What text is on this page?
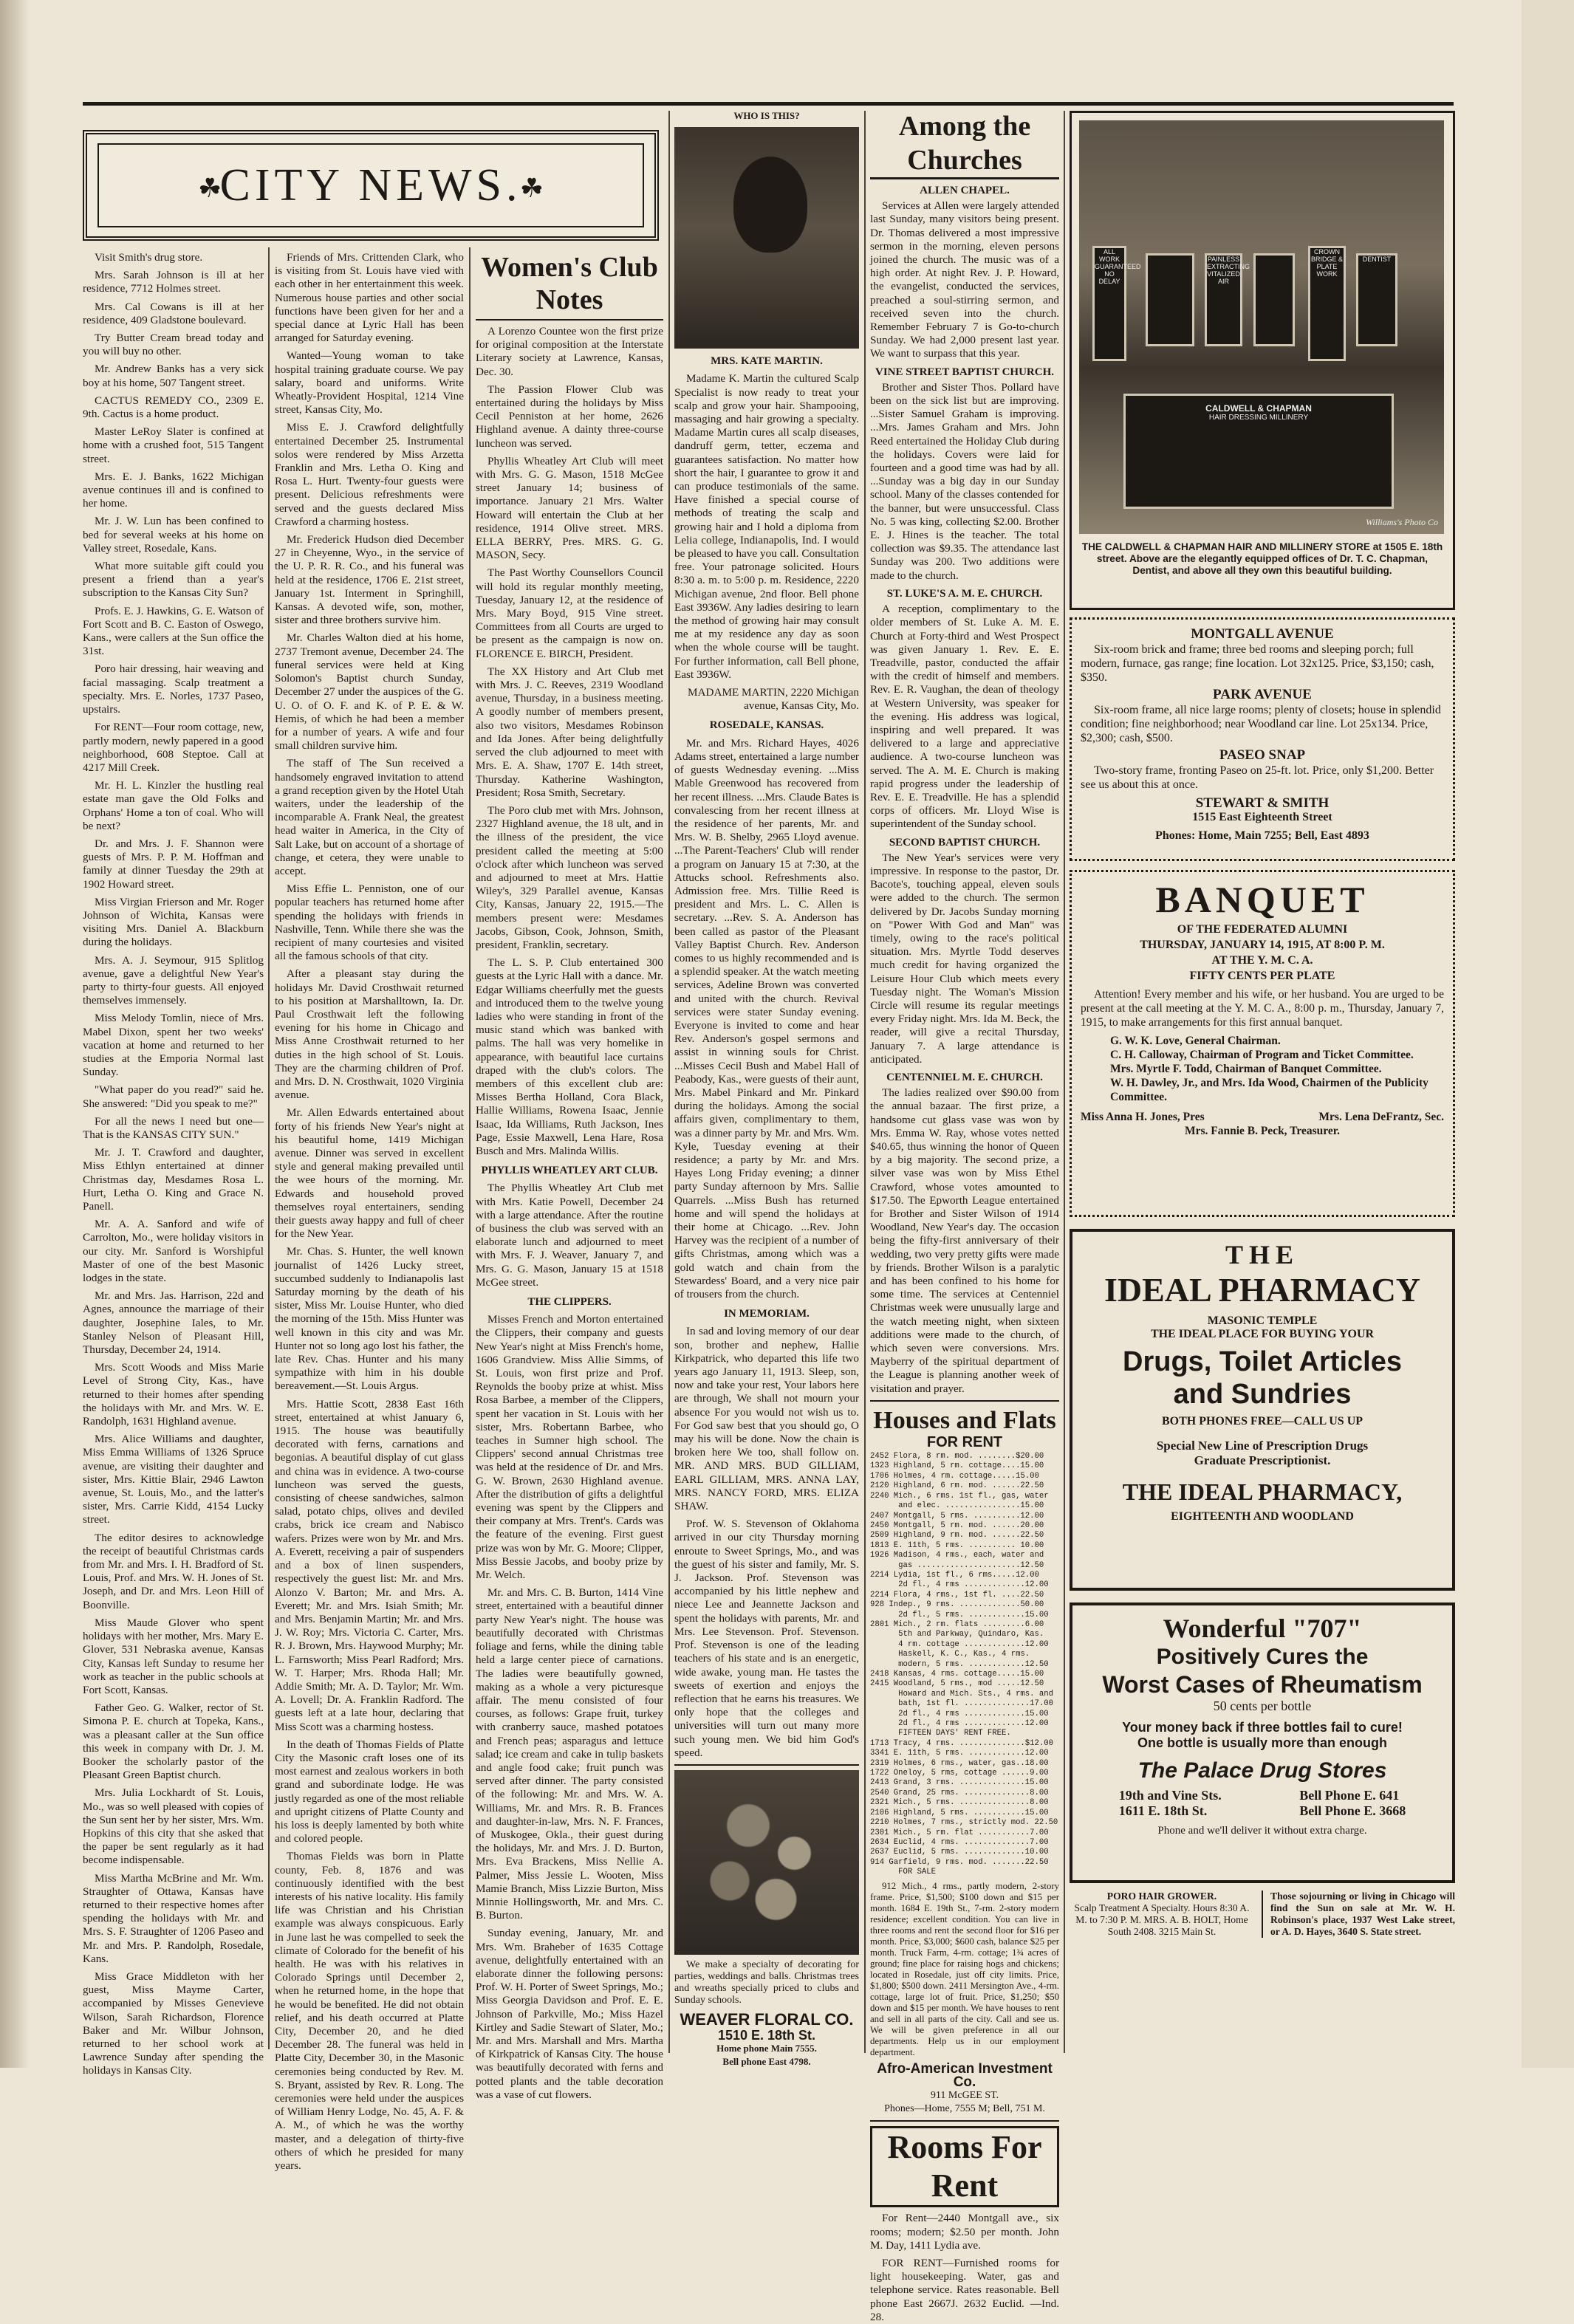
☘
CITY NEWS.
☘

Visit Smith's drug store.

Mrs. Sarah Johnson is ill at her residence, 7712 Holmes street.

Mrs. Cal Cowans is ill at her residence, 409 Gladstone boulevard.

Try Butter Cream bread today and you will buy no other.

Mr. Andrew Banks has a very sick boy at his home, 507 Tangent street.

CACTUS REMEDY CO., 2309 E. 9th. Cactus is a home product.

Master LeRoy Slater is confined at home with a crushed foot, 515 Tangent street.

Mrs. E. J. Banks, 1622 Michigan avenue continues ill and is confined to her home.

Mr. J. W. Lun has been confined to bed for several weeks at his home on Valley street, Rosedale, Kans.

What more suitable gift could you present a friend than a year's subscription to the Kansas City Sun?

Profs. E. J. Hawkins, G. E. Watson of Fort Scott and B. C. Easton of Oswego, Kans., were callers at the Sun office the 31st.

Poro hair dressing, hair weaving and facial massaging. Scalp treatment a specialty. Mrs. E. Norles, 1737 Paseo, upstairs.

For RENT—Four room cottage, new, partly modern, newly papered in a good neighborhood, 608 Steptoe. Call at 4217 Mill Creek.

Mr. H. L. Kinzler the hustling real estate man gave the Old Folks and Orphans' Home a ton of coal. Who will be next?

Dr. and Mrs. J. F. Shannon were guests of Mrs. P. P. M. Hoffman and family at dinner Tuesday the 29th at 1902 Howard street.

Miss Virgian Frierson and Mr. Roger Johnson of Wichita, Kansas were visiting Mrs. Daniel A. Blackburn during the holidays.

Mrs. A. J. Seymour, 915 Splitlog avenue, gave a delightful New Year's party to thirty-four guests. All enjoyed themselves immensely.

Miss Melody Tomlin, niece of Mrs. Mabel Dixon, spent her two weeks' vacation at home and returned to her studies at the Emporia Normal last Sunday.

"What paper do you read?" said he. She answered: "Did you speak to me?"

For all the news I need but one— That is the KANSAS CITY SUN."

Mr. J. T. Crawford and daughter, Miss Ethlyn entertained at dinner Christmas day, Mesdames Rosa L. Hurt, Letha O. King and Grace N. Panell.

Mr. A. A. Sanford and wife of Carrolton, Mo., were holiday visitors in our city. Mr. Sanford is Worshipful Master of one of the best Masonic lodges in the state.

Mr. and Mrs. Jas. Harrison, 22d and Agnes, announce the marriage of their daughter, Josephine Iales, to Mr. Stanley Nelson of Pleasant Hill, Thursday, December 24, 1914.

Mrs. Scott Woods and Miss Marie Level of Strong City, Kas., have returned to their homes after spending the holidays with Mr. and Mrs. W. E. Randolph, 1631 Highland avenue.

Mrs. Alice Williams and daughter, Miss Emma Williams of 1326 Spruce avenue, are visiting their daughter and sister, Mrs. Kittie Blair, 2946 Lawton avenue, St. Louis, Mo., and the latter's sister, Mrs. Carrie Kidd, 4154 Lucky street.

The editor desires to acknowledge the receipt of beautiful Christmas cards from Mr. and Mrs. I. H. Bradford of St. Louis, Prof. and Mrs. W. H. Jones of St. Joseph, and Dr. and Mrs. Leon Hill of Boonville.

Miss Maude Glover who spent holidays with her mother, Mrs. Mary E. Glover, 531 Nebraska avenue, Kansas City, Kansas left Sunday to resume her work as teacher in the public schools at Fort Scott, Kansas.

Father Geo. G. Walker, rector of St. Simona P. E. church at Topeka, Kans., was a pleasant caller at the Sun office this week in company with Dr. J. M. Booker the scholarly pastor of the Pleasant Green Baptist church.

Mrs. Julia Lockhardt of St. Louis, Mo., was so well pleased with copies of the Sun sent her by her sister, Mrs. Wm. Hopkins of this city that she asked that the paper be sent regularly as it had become indispensable.

Miss Martha McBrine and Mr. Wm. Straughter of Ottawa, Kansas have returned to their respective homes after spending the holidays with Mr. and Mrs. S. F. Straughter of 1206 Paseo and Mr. and Mrs. P. Randolph, Rosedale, Kans.

Miss Grace Middleton with her guest, Miss Mayme Carter, accompanied by Misses Genevieve Wilson, Sarah Richardson, Florence Baker and Mr. Wilbur Johnson, returned to her school work at Lawrence Sunday after spending the holidays in Kansas City.

Friends of Mrs. Crittenden Clark, who is visiting from St. Louis have vied with each other in her entertainment this week. Numerous house parties and other social functions have been given for her and a special dance at Lyric Hall has been arranged for Saturday evening.

Wanted—Young woman to take hospital training graduate course. We pay salary, board and uniforms. Write Wheatly-Provident Hospital, 1214 Vine street, Kansas City, Mo.

Miss E. J. Crawford delightfully entertained December 25. Instrumental solos were rendered by Miss Arzetta Franklin and Mrs. Letha O. King and Rosa L. Hurt. Twenty-four guests were present. Delicious refreshments were served and the guests declared Miss Crawford a charming hostess.

Mr. Frederick Hudson died December 27 in Cheyenne, Wyo., in the service of the U. P. R. R. Co., and his funeral was held at the residence, 1706 E. 21st street, January 1st. Interment in Springhill, Kansas. A devoted wife, son, mother, sister and three brothers survive him.

Mr. Charles Walton died at his home, 2737 Tremont avenue, December 24. The funeral services were held at King Solomon's Baptist church Sunday, December 27 under the auspices of the G. U. O. of O. F. and K. of P. E. & W. Hemis, of which he had been a member for a number of years. A wife and four small children survive him.

The staff of The Sun received a handsomely engraved invitation to attend a grand reception given by the Hotel Utah waiters, under the leadership of the incomparable A. Frank Neal, the greatest head waiter in America, in the City of Salt Lake, but on account of a shortage of change, et cetera, they were unable to accept.

Miss Effie L. Penniston, one of our popular teachers has returned home after spending the holidays with friends in Nashville, Tenn. While there she was the recipient of many courtesies and visited all the famous schools of that city.

After a pleasant stay during the holidays Mr. David Crosthwait returned to his position at Marshalltown, Ia. Dr. Paul Crosthwait left the following evening for his home in Chicago and Miss Anne Crosthwait returned to her duties in the high school of St. Louis. They are the charming children of Prof. and Mrs. D. N. Crosthwait, 1020 Virginia avenue.

Mr. Allen Edwards entertained about forty of his friends New Year's night at his beautiful home, 1419 Michigan avenue. Dinner was served in excellent style and general making prevailed until the wee hours of the morning. Mr. Edwards and household proved themselves royal entertainers, sending their guests away happy and full of cheer for the New Year.

Mr. Chas. S. Hunter, the well known journalist of 1426 Lucky street, succumbed suddenly to Indianapolis last Saturday morning by the death of his sister, Miss Mr. Louise Hunter, who died the morning of the 15th. Miss Hunter was well known in this city and was Mr. Hunter not so long ago lost his father, the late Rev. Chas. Hunter and his many sympathize with him in his double bereavement.—St. Louis Argus.

Mrs. Hattie Scott, 2838 East 16th street, entertained at whist January 6, 1915. The house was beautifully decorated with ferns, carnations and begonias. A beautiful display of cut glass and china was in evidence. A two-course luncheon was served the guests, consisting of cheese sandwiches, salmon salad, potato chips, olives and deviled crabs, brick ice cream and Nabisco wafers. Prizes were won by Mr. and Mrs. A. Everett, receiving a pair of suspenders and a box of linen suspenders, respectively the guest list: Mr. and Mrs. Alonzo V. Barton; Mr. and Mrs. A. Everett; Mr. and Mrs. Isiah Smith; Mr. and Mrs. Benjamin Martin; Mr. and Mrs. J. W. Roy; Mrs. Victoria C. Carter, Mrs. R. J. Brown, Mrs. Haywood Murphy; Mr. L. Farnsworth; Miss Pearl Radford; Mrs. W. T. Harper; Mrs. Rhoda Hall; Mr. Addie Smith; Mr. A. D. Taylor; Mr. Wm. A. Lovell; Dr. A. Franklin Radford. The guests left at a late hour, declaring that Miss Scott was a charming hostess.

In the death of Thomas Fields of Platte City the Masonic craft loses one of its most earnest and zealous workers in both grand and subordinate lodge. He was justly regarded as one of the most reliable and upright citizens of Platte County and his loss is deeply lamented by both white and colored people.

Thomas Fields was born in Platte county, Feb. 8, 1876 and was continuously identified with the best interests of his native locality. His family life was Christian and his Christian example was always conspicuous. Early in June last he was compelled to seek the climate of Colorado for the benefit of his health. He was with his relatives in Colorado Springs until December 2, when he returned home, in the hope that he would be benefited. He did not obtain relief, and his death occurred at Platte City, December 20, and he died December 28. The funeral was held in Platte City, December 30, in the Masonic ceremonies being conducted by Rev. M. S. Bryant, assisted by Rev. R. Long. The ceremonies were held under the auspices of William Henry Lodge, No. 45, A. F. & A. M., of which he was the worthy master, and a delegation of thirty-five others of which he presided for many years.

Women's Club Notes

A Lorenzo Countee won the first prize for original composition at the Interstate Literary society at Lawrence, Kansas, Dec. 30.

The Passion Flower Club was entertained during the holidays by Miss Cecil Penniston at her home, 2626 Highland avenue. A dainty three-course luncheon was served.

Phyllis Wheatley Art Club will meet with Mrs. G. G. Mason, 1518 McGee street January 14; business of importance. January 21 Mrs. Walter Howard will entertain the Club at her residence, 1914 Olive street. MRS. ELLA BERRY, Pres. MRS. G. G. MASON, Secy.

The Past Worthy Counsellors Council will hold its regular monthly meeting, Tuesday, January 12, at the residence of Mrs. Mary Boyd, 915 Vine street. Committees from all Courts are urged to be present as the campaign is now on. FLORENCE E. BIRCH, President.

The XX History and Art Club met with Mrs. J. C. Reeves, 2319 Woodland avenue, Thursday, in a business meeting. A goodly number of members present, also two visitors, Mesdames Robinson and Ida Jones. After being delightfully served the club adjourned to meet with Mrs. E. A. Shaw, 1707 E. 14th street, Thursday. Katherine Washington, President; Rosa Smith, Secretary.

The Poro club met with Mrs. Johnson, 2327 Highland avenue, the 18 ult, and in the illness of the president, the vice president called the meeting at 5:00 o'clock after which luncheon was served and adjourned to meet at Mrs. Hattie Wiley's, 329 Parallel avenue, Kansas City, Kansas, January 22, 1915.—The members present were: Mesdames Jacobs, Gibson, Cook, Johnson, Smith, president, Franklin, secretary.

The L. S. P. Club entertained 300 guests at the Lyric Hall with a dance. Mr. Edgar Williams cheerfully met the guests and introduced them to the twelve young ladies who were standing in front of the music stand which was banked with palms. The hall was very homelike in appearance, with beautiful lace curtains draped with the club's colors. The members of this excellent club are: Misses Bertha Holland, Cora Black, Hallie Williams, Rowena Isaac, Jennie Isaac, Ida Williams, Ruth Jackson, Ines Page, Essie Maxwell, Lena Hare, Rosa Busch and Mrs. Malinda Willis.

PHYLLIS WHEATLEY ART CLUB.

The Phyllis Wheatley Art Club met with Mrs. Katie Powell, December 24 with a large attendance. After the routine of business the club was served with an elaborate lunch and adjourned to meet with Mrs. F. J. Weaver, January 7, and Mrs. G. G. Mason, January 15 at 1518 McGee street.

THE CLIPPERS.

Misses French and Morton entertained the Clippers, their company and guests New Year's night at Miss French's home, 1606 Grandview. Miss Allie Simms, of St. Louis, won first prize and Prof. Reynolds the booby prize at whist. Miss Rosa Barbee, a member of the Clippers, spent her vacation in St. Louis with her sister, Mrs. Robertann Barbee, who teaches in Sumner high school. The Clippers' second annual Christmas tree was held at the residence of Dr. and Mrs. G. W. Brown, 2630 Highland avenue. After the distribution of gifts a delightful evening was spent by the Clippers and their company at Mrs. Trent's. Cards was the feature of the evening. First guest prize was won by Mr. G. Moore; Clipper, Miss Bessie Jacobs, and booby prize by Mr. Welch.

Mr. and Mrs. C. B. Burton, 1414 Vine street, entertained with a beautiful dinner party New Year's night. The house was beautifully decorated with Christmas foliage and ferns, while the dining table held a large center piece of carnations. The ladies were beautifully gowned, making as a whole a very picturesque affair. The menu consisted of four courses, as follows: Grape fruit, turkey with cranberry sauce, mashed potatoes and French peas; asparagus and lettuce salad; ice cream and cake in tulip baskets and angle food cake; fruit punch was served after dinner. The party consisted of the following: Mr. and Mrs. W. A. Williams, Mr. and Mrs. R. B. Frances and daughter-in-law, Mrs. N. F. Frances, of Muskogee, Okla., their guest during the holidays, Mr. and Mrs. J. D. Burton, Mrs. Eva Brackens, Miss Nellie A. Palmer, Miss Jessie L. Wooten, Miss Mamie Branch, Miss Lizzie Burton, Miss Minnie Hollingsworth, Mr. and Mrs. C. B. Burton.

Sunday evening, January, Mr. and Mrs. Wm. Braheber of 1635 Cottage avenue, delightfully entertained with an elaborate dinner the following persons: Prof. W. H. Porter of Sweet Springs, Mo.; Miss Georgia Davidson and Prof. E. E. Johnson of Parkville, Mo.; Miss Hazel Kirtley and Sadie Stewart of Slater, Mo.; Mr. and Mrs. Marshall and Mrs. Martha of Kirkpatrick of Kansas City. The house was beautifully decorated with ferns and potted plants and the table decoration was a vase of cut flowers.

WHO IS THIS?
MRS. KATE MARTIN.

Madame K. Martin the cultured Scalp Specialist is now ready to treat your scalp and grow your hair. Shampooing, massaging and hair growing a specialty. Madame Martin cures all scalp diseases, dandruff germ, tetter, eczema and guarantees satisfaction. No matter how short the hair, I guarantee to grow it and can produce testimonials of the same. Have finished a special course of methods of treating the scalp and growing hair and I hold a diploma from Lelia college, Indianapolis, Ind. I would be pleased to have you call. Consultation free. Your patronage solicited. Hours 8:30 a. m. to 5:00 p. m. Residence, 2220 Michigan avenue, 2nd floor. Bell phone East 3936W. Any ladies desiring to learn the method of growing hair may consult me at my residence any day as soon when the whole course will be taught. For further information, call Bell phone, East 3936W.

MADAME MARTIN, 2220 Michigan avenue, Kansas City, Mo.

ROSEDALE, KANSAS.

Mr. and Mrs. Richard Hayes, 4026 Adams street, entertained a large number of guests Wednesday evening. ...Miss Mable Greenwood has recovered from her recent illness. ...Mrs. Claude Bates is convalescing from her recent illness at the residence of her parents, Mr. and Mrs. W. B. Shelby, 2965 Lloyd avenue. ...The Parent-Teachers' Club will render a program on January 15 at 7:30, at the Attucks school. Refreshments also. Admission free. Mrs. Tillie Reed is president and Mrs. L. C. Allen is secretary. ...Rev. S. A. Anderson has been called as pastor of the Pleasant Valley Baptist Church. Rev. Anderson comes to us highly recommended and is a splendid speaker. At the watch meeting services, Adeline Brown was converted and united with the church. Revival services were stater Sunday evening. Everyone is invited to come and hear Rev. Anderson's gospel sermons and assist in winning souls for Christ. ...Misses Cecil Bush and Mabel Hall of Peabody, Kas., were guests of their aunt, Mrs. Mabel Pinkard and Mr. Pinkard during the holidays. Among the social affairs given, complimentary to them, was a dinner party by Mr. and Mrs. Wm. Kyle, Tuesday evening at their residence; a party by Mr. and Mrs. Hayes Long Friday evening; a dinner party Sunday afternoon by Mrs. Sallie Quarrels. ...Miss Bush has returned home and will spend the holidays at their home at Chicago. ...Rev. John Harvey was the recipient of a number of gifts Christmas, among which was a gold watch and chain from the Stewardess' Board, and a very nice pair of trousers from the church.

IN MEMORIAM.

In sad and loving memory of our dear son, brother and nephew, Hallie Kirkpatrick, who departed this life two years ago January 11, 1913. Sleep, son, now and take your rest, Your labors here are through, We shall not mourn your absence For you would not wish us to. For God saw best that you should go, O may his will be done. Now the chain is broken here We too, shall follow on. MR. AND MRS. BUD GILLIAM, EARL GILLIAM, MRS. ANNA LAY, MRS. NANCY FORD, MRS. ELIZA SHAW.

Prof. W. S. Stevenson of Oklahoma arrived in our city Thursday morning enroute to Sweet Springs, Mo., and was the guest of his sister and family, Mr. S. J. Jackson. Prof. Stevenson was accompanied by his little nephew and niece Lee and Jeannette Jackson and spent the holidays with parents, Mr. and Mrs. Lee Stevenson. Prof. Stevenson. Prof. Stevenson is one of the leading teachers of his state and is an energetic, wide awake, young man. He tastes the sweets of exertion and enjoys the reflection that he earns his treasures. We only hope that the colleges and universities will turn out many more such young men. We bid him God's speed.

We make a specialty of decorating for parties, weddings and balls. Christmas trees and wreaths specially priced to clubs and Sunday schools.

WEAVER FLORAL CO.
1510 E. 18th St.
Home phone Main 7555.
Bell phone East 4798.
Among the Churches
ALLEN CHAPEL.

Services at Allen were largely attended last Sunday, many visitors being present. Dr. Thomas delivered a most impressive sermon in the morning, eleven persons joined the church. The music was of a high order. At night Rev. J. P. Howard, the evangelist, conducted the services, preached a soul-stirring sermon, and received seven into the church. Remember February 7 is Go-to-church Sunday. We had 2,000 present last year. We want to surpass that this year.

VINE STREET BAPTIST CHURCH.

Brother and Sister Thos. Pollard have been on the sick list but are improving. ...Sister Samuel Graham is improving. ...Mrs. James Graham and Mrs. John Reed entertained the Holiday Club during the holidays. Covers were laid for fourteen and a good time was had by all. ...Sunday was a big day in our Sunday school. Many of the classes contended for the banner, but were unsuccessful. Class No. 5 was king, collecting $2.00. Brother E. J. Hines is the teacher. The total collection was $9.35. The attendance last Sunday was 200. Two additions were made to the church.

ST. LUKE'S A. M. E. CHURCH.

A reception, complimentary to the older members of St. Luke A. M. E. Church at Forty-third and West Prospect was given January 1. Rev. E. E. Treadville, pastor, conducted the affair with the credit of himself and members. Rev. E. R. Vaughan, the dean of theology at Western University, was speaker for the evening. His address was logical, inspiring and well prepared. It was delivered to a large and appreciative audience. A two-course luncheon was served. The A. M. E. Church is making rapid progress under the leadership of Rev. E. E. Treadville. He has a splendid corps of officers. Mr. Lloyd Wise is superintendent of the Sunday school.

SECOND BAPTIST CHURCH.

The New Year's services were very impressive. In response to the pastor, Dr. Bacote's, touching appeal, eleven souls were added to the church. The sermon delivered by Dr. Jacobs Sunday morning on "Power With God and Man" was timely, owing to the race's political situation. Mrs. Myrtle Todd deserves much credit for having organized the Leisure Hour Club which meets every Tuesday night. The Woman's Mission Circle will resume its regular meetings every Friday night. Mrs. Ida M. Beck, the reader, will give a recital Thursday, January 7. A large attendance is anticipated.

CENTENNIEL M. E. CHURCH.

The ladies realized over $90.00 from the annual bazaar. The first prize, a handsome cut glass vase was won by Mrs. Emma W. Ray, whose votes netted $40.65, thus winning the honor of Queen by a big majority. The second prize, a silver vase was won by Miss Ethel Crawford, whose votes amounted to $17.50. The Epworth League entertained for Brother and Sister Wilson of 1914 Woodland, New Year's day. The occasion being the fifty-first anniversary of their wedding, two very pretty gifts were made by friends. Brother Wilson is a paralytic and has been confined to his home for some time. The services at Centenniel Christmas week were unusually large and the watch meeting night, when sixteen additions were made to the church, of which seven were conversions. Mrs. Mayberry of the spiritual department of the League is planning another week of visitation and prayer.

Houses and Flats
FOR RENT
2452 Flora, 8 rm. mod. ........$20.00
1323 Highland, 5 rm. cottage....15.00
1706 Holmes, 4 rm. cottage.....15.00
2120 Highland, 6 rm. mod. ......22.50
2240 Mich., 6 rms. 1st fl., gas, water
and elec. ................15.00
2407 Montgall, 5 rms. ..........12.00
2450 Montgall, 5 rm. mod. ......20.00
2509 Highland, 9 rm. mod. ......22.50
1813 E. 11th, 5 rms. .......... 10.00
1926 Madison, 4 rms., each, water and
gas ......................12.50
2214 Lydia, 1st fl., 6 rms.....12.00
2d fl., 4 rms .............12.00
2214 Flora, 4 rms., 1st fl. ....22.50
928 Indep., 9 rms. .............50.00
2d fl., 5 rms. ............15.00
2801 Mich., 2 rm. flats .........6.00
5th and Parkway, Quindaro, Kas.
4 rm. cottage .............12.00
Haskell, K. C., Kas., 4 rms.
modern, 5 rms. ............12.50
2418 Kansas, 4 rms. cottage.....15.00
2415 Woodland, 5 rms., mod .....12.50
Howard and Mich. Sts., 4 rms. and
bath, 1st fl. ..............17.00
2d fl., 4 rms .............15.00
2d fl., 4 rms .............12.00
FIFTEEN DAYS' RENT FREE.
1713 Tracy, 4 rms. ..............$12.00
3341 E. 11th, 5 rms. ............12.00
2319 Holmes, 6 rms., water, gas..18.00
1722 Oneloy, 5 rms, cottage ......9.00
2413 Grand, 3 rms. ..............15.00
2540 Grand, 25 rms. ..............8.00
2321 Mich., 5 rms. ...............8.00
2106 Highland, 5 rms. ...........15.00
2210 Holmes, 7 rms., strictly mod. 22.50
2301 Mich., 5 rm. flat ...........7.00
2634 Euclid, 4 rms. ..............7.00
2637 Euclid, 5 rms. .............10.00
914 Garfield, 9 rms. mod. .......22.50
FOR SALE

912 Mich., 4 rms., partly modern, 2-story frame. Price, $1,500; $100 down and $15 per month. 1684 E. 19th St., 7-rm. 2-story modern residence; excellent condition. You can live in three rooms and rent the second floor for $16 per month. Price, $3,000; $600 cash, balance $25 per month. Truck Farm, 4-rm. cottage; 1¾ acres of ground; fine place for raising hogs and chickens; located in Rosedale, just off city limits. Price, $1,800; $500 down. 2411 Mersington Ave., 4-rm. cottage, large lot of fruit. Price, $1,250; $50 down and $15 per month. We have houses to rent and sell in all parts of the city. Call and see us. We will be given preference in all our departments. Help us in our employment department.

Afro-American Investment Co.
911 McGEE ST.
Phones—Home, 7555 M; Bell, 751 M.
Rooms For Rent

For Rent—2440 Montgall ave., six rooms; modern; $2.50 per month. John M. Day, 1411 Lydia ave.

FOR RENT—Furnished rooms for light housekeeping. Water, gas and telephone service. Rates reasonable. Bell phone East 2667J. 2632 Euclid. —Ind. 28.

ALL WORK GUARANTEED NO DELAY
PAINLESS EXTRACTING VITALIZED AIR
CROWN BRIDGE & PLATE WORK
DENTIST
CALDWELL & CHAPMAN
HAIR DRESSING MILLINERY
Williams's Photo Co
THE CALDWELL & CHAPMAN HAIR AND MILLINERY STORE at 1505 E. 18th street. Above are the elegantly equipped offices of Dr. T. C. Chapman, Dentist, and above all they own this beautiful building.
MONTGALL AVENUE
Six-room brick and frame; three bed rooms and sleeping porch; full modern, furnace, gas range; fine location. Lot 32x125. Price, $3,150; cash, $350.
PARK AVENUE
Six-room frame, all nice large rooms; plenty of closets; house in splendid condition; fine neighborhood; near Woodland car line. Lot 25x134. Price, $2,300; cash, $500.
PASEO SNAP
Two-story frame, fronting Paseo on 25-ft. lot. Price, only $1,200. Better see us about this at once.
STEWART & SMITH
1515 East Eighteenth Street
Phones: Home, Main 7255; Bell, East 4893
BANQUET
OF THE FEDERATED ALUMNI
THURSDAY, JANUARY 14, 1915, AT 8:00 P. M.
AT THE Y. M. C. A.
FIFTY CENTS PER PLATE
Attention! Every member and his wife, or her husband. You are urged to be present at the call meeting at the Y. M. C. A., 8:00 p. m., Thursday, January 7, 1915, to make arrangements for this first annual banquet.
G. W. K. Love, General Chairman.
C. H. Calloway, Chairman of Program and Ticket Committee.
Mrs. Myrtle F. Todd, Chairman of Banquet Committee.
W. H. Dawley, Jr., and Mrs. Ida Wood, Chairmen of the Publicity Committee.
Miss Anna H. Jones, Pres	Mrs. Lena DeFrantz, Sec.
Mrs. Fannie B. Peck, Treasurer.
THE
IDEAL PHARMACY
MASONIC TEMPLE
THE IDEAL PLACE FOR BUYING YOUR
Drugs, Toilet Articles and Sundries
BOTH PHONES FREE—CALL US UP
Special New Line of Prescription Drugs
Graduate Prescriptionist.
THE IDEAL PHARMACY,
EIGHTEENTH AND WOODLAND
Wonderful "707"
Positively Cures the
Worst Cases of Rheumatism
50 cents per bottle
Your money back if three bottles fail to cure!
One bottle is usually more than enough
The Palace Drug Stores
19th and Vine Sts.
1611 E. 18th St.
Bell Phone E. 641
Bell Phone E. 3668
Phone and we'll deliver it without extra charge.
PORO HAIR GROWER.
Scalp Treatment A Specialty. Hours 8:30 A. M. to 7:30 P. M. MRS. A. B. HOLT, Home South 2408. 3215 Main St.
Those sojourning or living in Chicago will find the Sun on sale at Mr. W. H. Robinson's place, 1937 West Lake street, or A. D. Hayes, 3640 S. State street.
